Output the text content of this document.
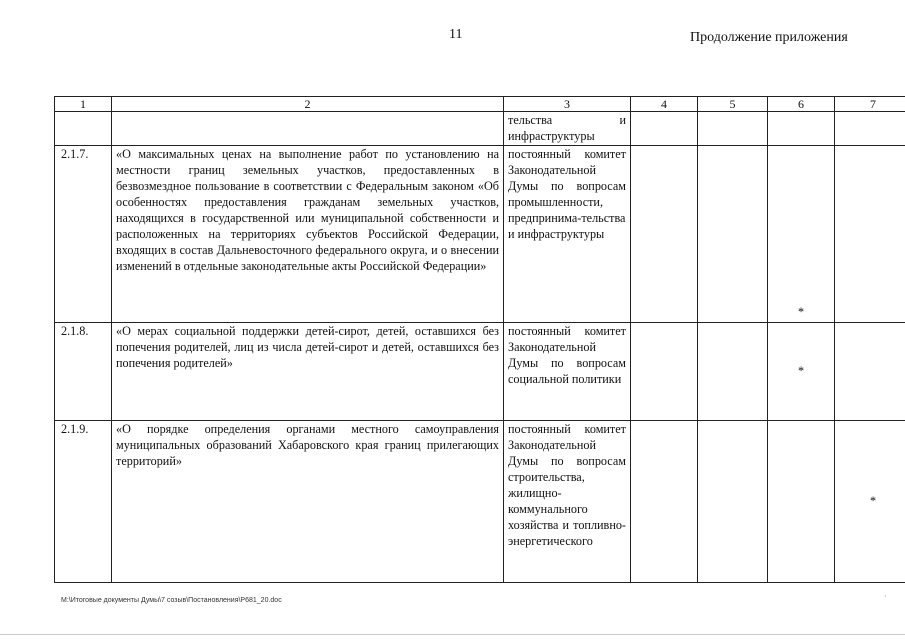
11	Продолжение приложения
1	2	3	4	5	6	7
		тельства и инфраструктуры				
2.1.7.	«О максимальных ценах на выполнение работ по установлению на местности границ земельных участков, предоставленных в безвозмездное пользование в соответствии с Федеральным законом «Об особенностях предоставления гражданам земельных участков, находящихся в государственной или муниципальной собственности и расположенных на территориях субъектов Российской Федерации, входящих в состав Дальневосточного федерального округа, и о внесении изменений в отдельные законодательные акты Российской Федерации»	постоянный комитет Законодательной Думы по вопросам промышленности, предпринима-тельства и инфраструктуры			*	
2.1.8.	«О мерах социальной поддержки детей-сирот, детей, оставшихся без попечения родителей, лиц из числа детей-сирот и детей, оставшихся без попечения родителей»	постоянный комитет Законодательной Думы по вопросам социальной политики			*	
2.1.9.	«О порядке определения органами местного самоуправления муниципальных образований Хабаровского края границ прилегающих территорий»	постоянный комитет Законодательной Думы по вопросам строительства, жилищно-коммунального хозяйства и топливно-энергетического				*
M:\Итоговые документы Думы\7 созыв\Постановления\Р681_20.doc	·
